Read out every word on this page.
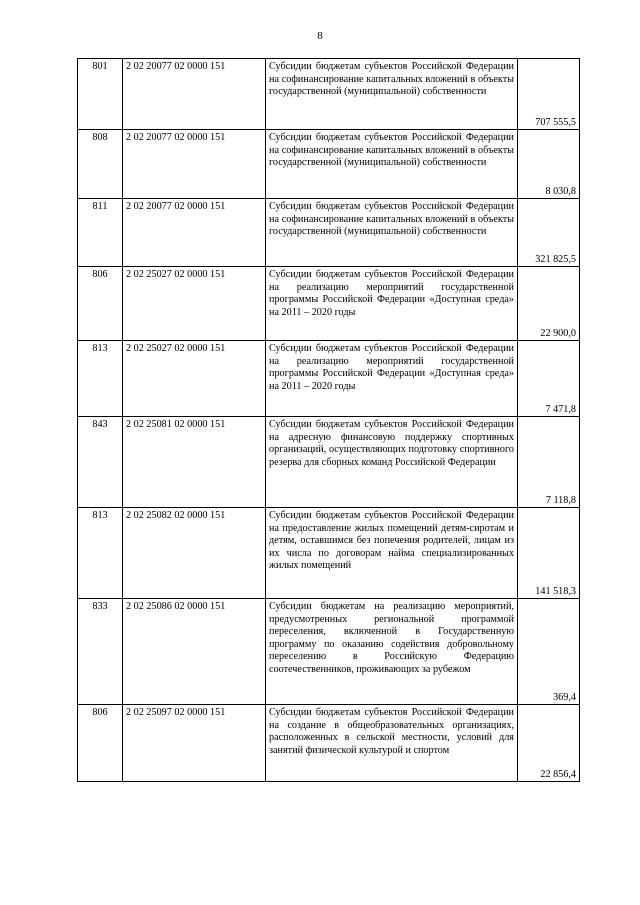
8
801	2 02 20077 02 0000 151	Субсидии бюджетам субъектов Российской Федерации на софинансирование капитальных вложений в объекты государственной (муниципальной) собственности	707 555,5
808	2 02 20077 02 0000 151	Субсидии бюджетам субъектов Российской Федерации на софинансирование капитальных вложений в объекты государственной (муниципальной) собственности	8 030,8
811	2 02 20077 02 0000 151	Субсидии бюджетам субъектов Российской Федерации на софинансирование капитальных вложений в объекты государственной (муниципальной) собственности	321 825,5
806	2 02 25027 02 0000 151	Субсидии бюджетам субъектов Российской Федерации на реализацию мероприятий государственной программы Российской Федерации «Доступная среда» на 2011 – 2020 годы	22 900,0
813	2 02 25027 02 0000 151	Субсидии бюджетам субъектов Российской Федерации на реализацию мероприятий государственной программы Российской Федерации «Доступная среда» на 2011 – 2020 годы	7 471,8
843	2 02 25081 02 0000 151	Субсидии бюджетам субъектов Российской Федерации на адресную финансовую поддержку спортивных организаций, осуществляющих подготовку спортивного резерва для сборных команд Российской Федерации	7 118,8
813	2 02 25082 02 0000 151	Субсидии бюджетам субъектов Российской Федерации на предоставление жилых помещений детям-сиротам и детям, оставшимся без попечения родителей, лицам из их числа по договорам найма специализированных жилых помещений	141 518,3
833	2 02 25086 02 0000 151	Субсидии бюджетам на реализацию мероприятий, предусмотренных региональной программой переселения, включенной в Государственную программу по оказанию содействия добровольному переселению в Российскую Федерацию соотечественников, проживающих за рубежом	369,4
806	2 02 25097 02 0000 151	Субсидии бюджетам субъектов Российской Федерации на создание в общеобразовательных организациях, расположенных в сельской местности, условий для занятий физической культурой и спортом	22 856,4
